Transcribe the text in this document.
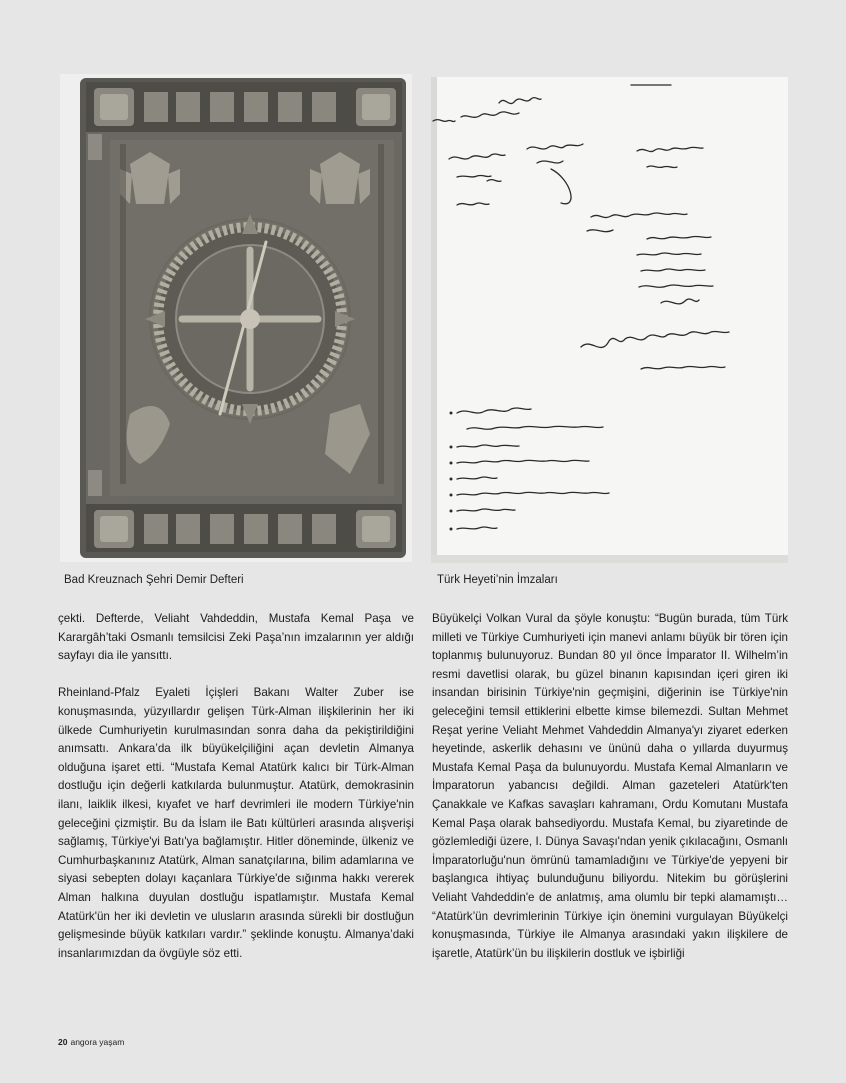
Bad Kreuznach Şehri Demir Defteri	Türk Heyeti’nin İmzaları

çekti. Defterde, Veliaht Vahdeddin, Mustafa Kemal Paşa ve Karargâh’taki Osmanlı temsilcisi Zeki Paşa’nın imzalarının yer aldığı sayfayı dia ile yansıttı.

Rheinland-Pfalz Eyaleti İçişleri Bakanı Walter Zuber ise konuşmasında, yüzyıllardır gelişen Türk-Alman ilişkilerinin her iki ülkede Cumhuriyetin kurulmasından sonra daha da pekiştirildiğini anımsattı. Ankara’da ilk büyükelçiliğini açan devletin Almanya olduğuna işaret etti. “Mustafa Kemal Atatürk kalıcı bir Türk-Alman dostluğu için değerli katkılarda bulunmuştur. Atatürk, demokrasinin ilanı, laiklik ilkesi, kıyafet ve harf devrimleri ile modern Türkiye'nin geleceğini çizmiştir. Bu da İslam ile Batı kültürleri arasında alışverişi sağlamış, Türkiye'yi Batı'ya bağlamıştır. Hitler döneminde, ülkeniz ve Cumhurbaşkanınız Atatürk, Alman sanatçılarına, bilim adamlarına ve siyasi sebepten dolayı kaçanlara Türkiye'de sığınma hakkı vererek Alman halkına duyulan dostluğu ispatlamıştır. Mustafa Kemal Atatürk'ün her iki devletin ve ulusların arasında sürekli bir dostluğun gelişmesinde büyük katkıları vardır.” şeklinde konuştu. Almanya’daki insanlarımızdan da övgüyle söz etti.

Büyükelçi Volkan Vural da şöyle konuştu: “Bugün burada, tüm Türk milleti ve Türkiye Cumhuriyeti için manevi anlamı büyük bir tören için toplanmış bulunuyoruz. Bundan 80 yıl önce İmparator II. Wilhelm’in resmi davetlisi olarak, bu güzel binanın kapısından içeri giren iki insandan birisinin Türkiye'nin geçmişini, diğerinin ise Türkiye'nin geleceğini temsil ettiklerini elbette kimse bilemezdi. Sultan Mehmet Reşat yerine Veliaht Mehmet Vahdeddin Almanya'yı ziyaret ederken heyetinde, askerlik dehasını ve ününü daha o yıllarda duyurmuş Mustafa Kemal Paşa da bulunuyordu. Mustafa Kemal Almanların ve İmparatorun yabancısı değildi. Alman gazeteleri Atatürk'ten Çanakkale ve Kafkas savaşları kahramanı, Ordu Komutanı Mustafa Kemal Paşa olarak bahsediyordu. Mustafa Kemal, bu ziyaretinde de gözlemlediği üzere, I. Dünya Savaşı'ndan yenik çıkılacağını, Osmanlı İmparatorluğu'nun ömrünü tamamladığını ve Türkiye'de yepyeni bir başlangıca ihtiyaç bulunduğunu biliyordu. Nitekim bu görüşlerini Veliaht Vahdeddin'e de anlatmış, ama olumlu bir tepki alamamıştı… “Atatürk’ün devrimlerinin Türkiye için önemini vurgulayan Büyükelçi konuşmasında, Türkiye ile Almanya arasındaki yakın ilişkilere de işaretle, Atatürk’ün bu ilişkilerin dostluk ve işbirliği

20 angora yaşam
